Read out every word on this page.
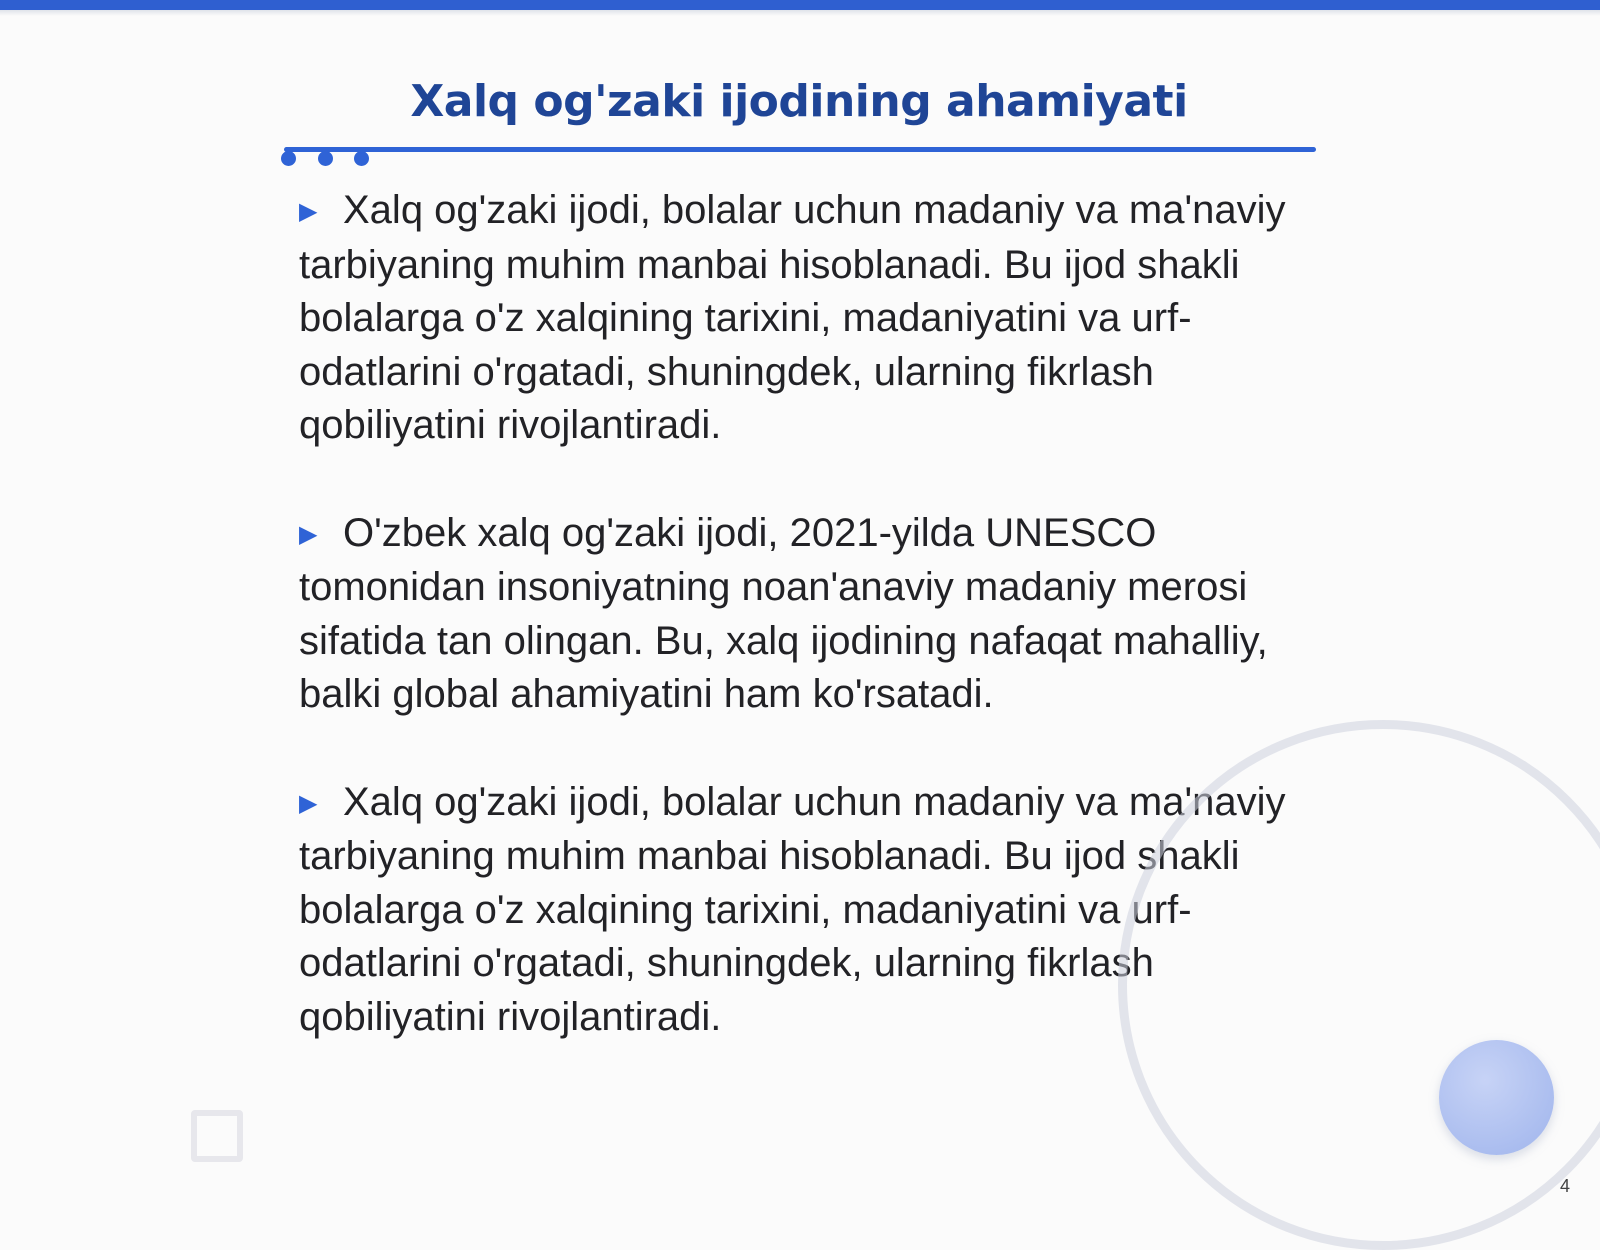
Xalq og'zaki ijodining ahamiyati

▶ Xalq og'zaki ijodi, bolalar uchun madaniy va ma'naviy tarbiyaning muhim manbai hisoblanadi. Bu ijod shakli bolalarga o'z xalqining tarixini, madaniyatini va urf-odatlarini o'rgatadi, shuningdek, ularning fikrlash qobiliyatini rivojlantiradi.

▶ O'zbek xalq og'zaki ijodi, 2021-yilda UNESCO tomonidan insoniyatning noan'anaviy madaniy merosi sifatida tan olingan. Bu, xalq ijodining nafaqat mahalliy, balki global ahamiyatini ham ko'rsatadi.

▶ Xalq og'zaki ijodi, bolalar uchun madaniy va ma'naviy tarbiyaning muhim manbai hisoblanadi. Bu ijod shakli bolalarga o'z xalqining tarixini, madaniyatini va urf-odatlarini o'rgatadi, shuningdek, ularning fikrlash qobiliyatini rivojlantiradi.

4
